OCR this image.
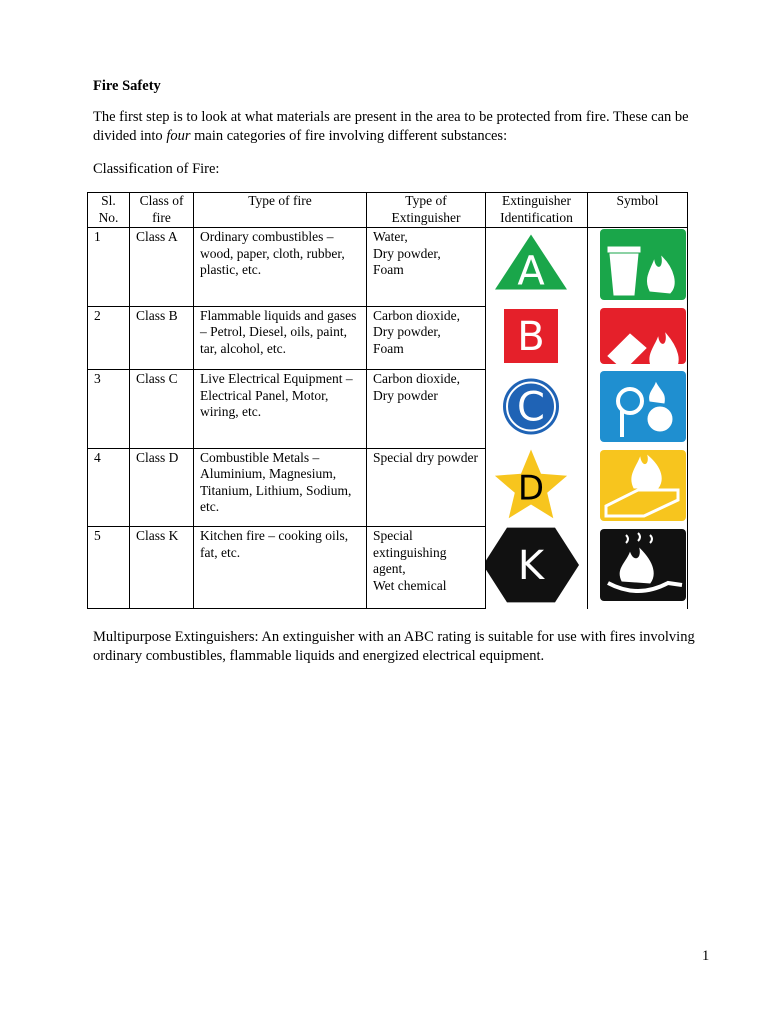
Fire Safety
The first step is to look at what materials are present in the area to be protected from fire. These can be divided into four main categories of fire involving different substances:
Classification of Fire:
Sl. No.	Class of fire	Type of fire	Type of Extinguisher	Extinguisher Identification	Symbol
1	Class A	Ordinary combustibles – wood, paper, cloth, rubber, plastic, etc.	Water,
Dry powder,
Foam	A

2	Class B	Flammable liquids and gases – Petrol, Diesel, oils, paint, tar, alcohol, etc.	Carbon dioxide,
Dry powder,
Foam	B

3	Class C	Live Electrical Equipment – Electrical Panel, Motor, wiring, etc.	Carbon dioxide,
Dry powder	C

4	Class D	Combustible Metals – Aluminium, Magnesium, Titanium, Lithium, Sodium, etc.	Special dry powder	D

5	Class K	Kitchen fire – cooking oils, fat, etc.	Special extinguishing agent,
Wet chemical	K

Multipurpose Extinguishers: An extinguisher with an ABC rating is suitable for use with fires involving ordinary combustibles, flammable liquids and energized electrical equipment.
1
